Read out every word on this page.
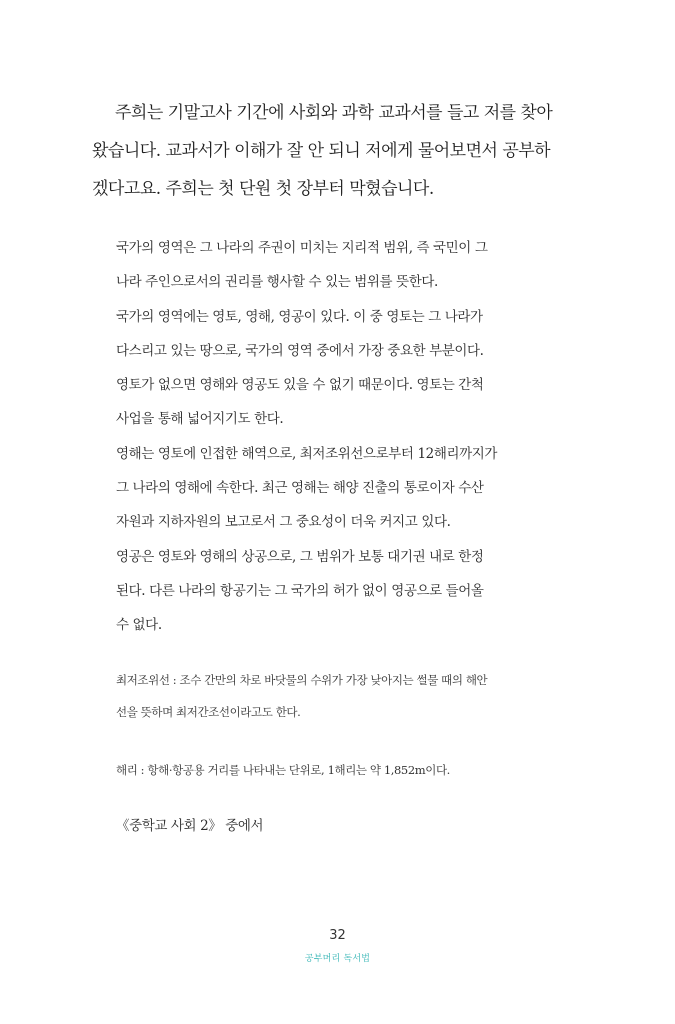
주희는 기말고사 기간에 사회와 과학 교과서를 들고 저를 찾아
왔습니다. 교과서가 이해가 잘 안 되니 저에게 물어보면서 공부하
겠다고요. 주희는 첫 단원 첫 장부터 막혔습니다.
국가의 영역은 그 나라의 주권이 미치는 지리적 범위, 즉 국민이 그
나라 주인으로서의 권리를 행사할 수 있는 범위를 뜻한다.
국가의 영역에는 영토, 영해, 영공이 있다. 이 중 영토는 그 나라가
다스리고 있는 땅으로, 국가의 영역 중에서 가장 중요한 부분이다.
영토가 없으면 영해와 영공도 있을 수 없기 때문이다. 영토는 간척
사업을 통해 넓어지기도 한다.
영해는 영토에 인접한 해역으로, 최저조위선으로부터 12해리까지가
그 나라의 영해에 속한다. 최근 영해는 해양 진출의 통로이자 수산
자원과 지하자원의 보고로서 그 중요성이 더욱 커지고 있다.
영공은 영토와 영해의 상공으로, 그 범위가 보통 대기권 내로 한정
된다. 다른 나라의 항공기는 그 국가의 허가 없이 영공으로 들어올
수 없다.
최저조위선 : 조수 간만의 차로 바닷물의 수위가 가장 낮아지는 썰물 때의 해안
선을 뜻하며 최저간조선이라고도 한다.
해리 : 항해·항공용 거리를 나타내는 단위로, 1해리는 약 1,852m이다.
《중학교 사회 2》 중에서
32
공부머리 독서법
